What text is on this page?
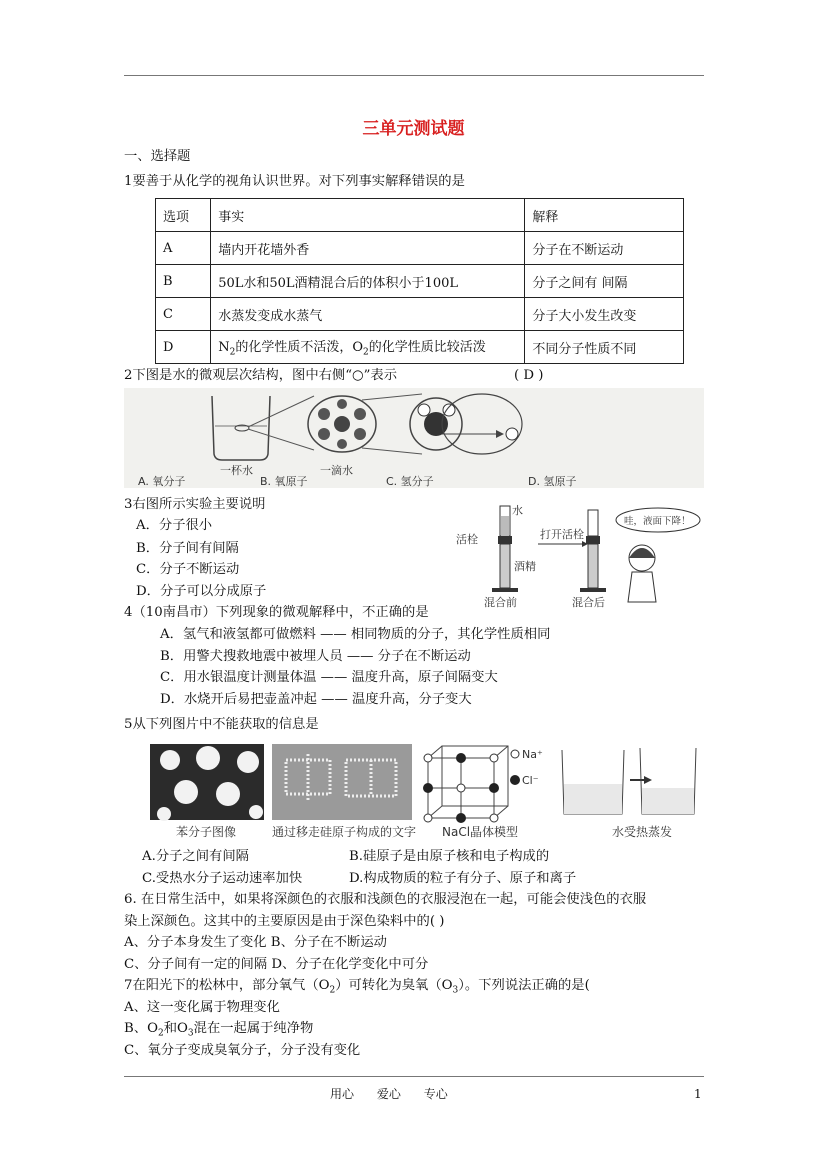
三单元测试题
一、选择题
1要善于从化学的视角认识世界。对下列事实解释错误的是
选项	事实	解释
A	墙内开花墙外香	分子在不断运动
B	50L水和50L酒精混合后的体积小于100L	分子之间有 间隔
C	水蒸发变成水蒸气	分子大小发生改变
D	$N_2$的化学性质不活泼，$O_2$的化学性质比较活泼	不同分子性质不同
2下图是水的微观层次结构，图中右侧“○”表示	( D )
一杯水	一滴水
A. 氧分子	B. 氧原子	C. 氢分子	D. 氢原子
3右图所示实验主要说明
A．分子很小
B．分子间有间隔
C．分子不断运动
D．分子可以分成原子
水
活栓
酒精
打开活栓
混合前	混合后
哇，液面下降！
4（10南昌市）下列现象的微观解释中，不正确的是
A．氢气和液氢都可做燃料 —— 相同物质的分子，其化学性质相同
B．用警犬搜救地震中被埋人员 —— 分子在不断运动
C．用水银温度计测量体温 —— 温度升高，原子间隔变大
D．水烧开后易把壶盖冲起 —— 温度升高，分子变大
5从下列图片中不能获取的信息是
Na⁺
Cl⁻
苯分子图像	通过移走硅原子构成的文字 NaCl晶体模型	水受热蒸发
A.分子之间有间隔	B.硅原子是由原子核和电子构成的
C.受热水分子运动速率加快	D.构成物质的粒子有分子、原子和离子
6. 在日常生活中，如果将深颜色的衣服和浅颜色的衣服浸泡在一起，可能会使浅色的衣服
染上深颜色。这其中的主要原因是由于深色染料中的( )
A、分子本身发生了变化 B、分子在不断运动
C、分子间有一定的间隔 D、分子在化学变化中可分
7在阳光下的松林中，部分氧气$(O_2)$可转化为臭氧$(O_3)$。下列说法正确的是(
A、这一变化属于物理变化
B、$O_2$和$O_3$混在一起属于纯净物
C、氧分子变成臭氧分子，分子没有变化
用心      爱心      专心	1
